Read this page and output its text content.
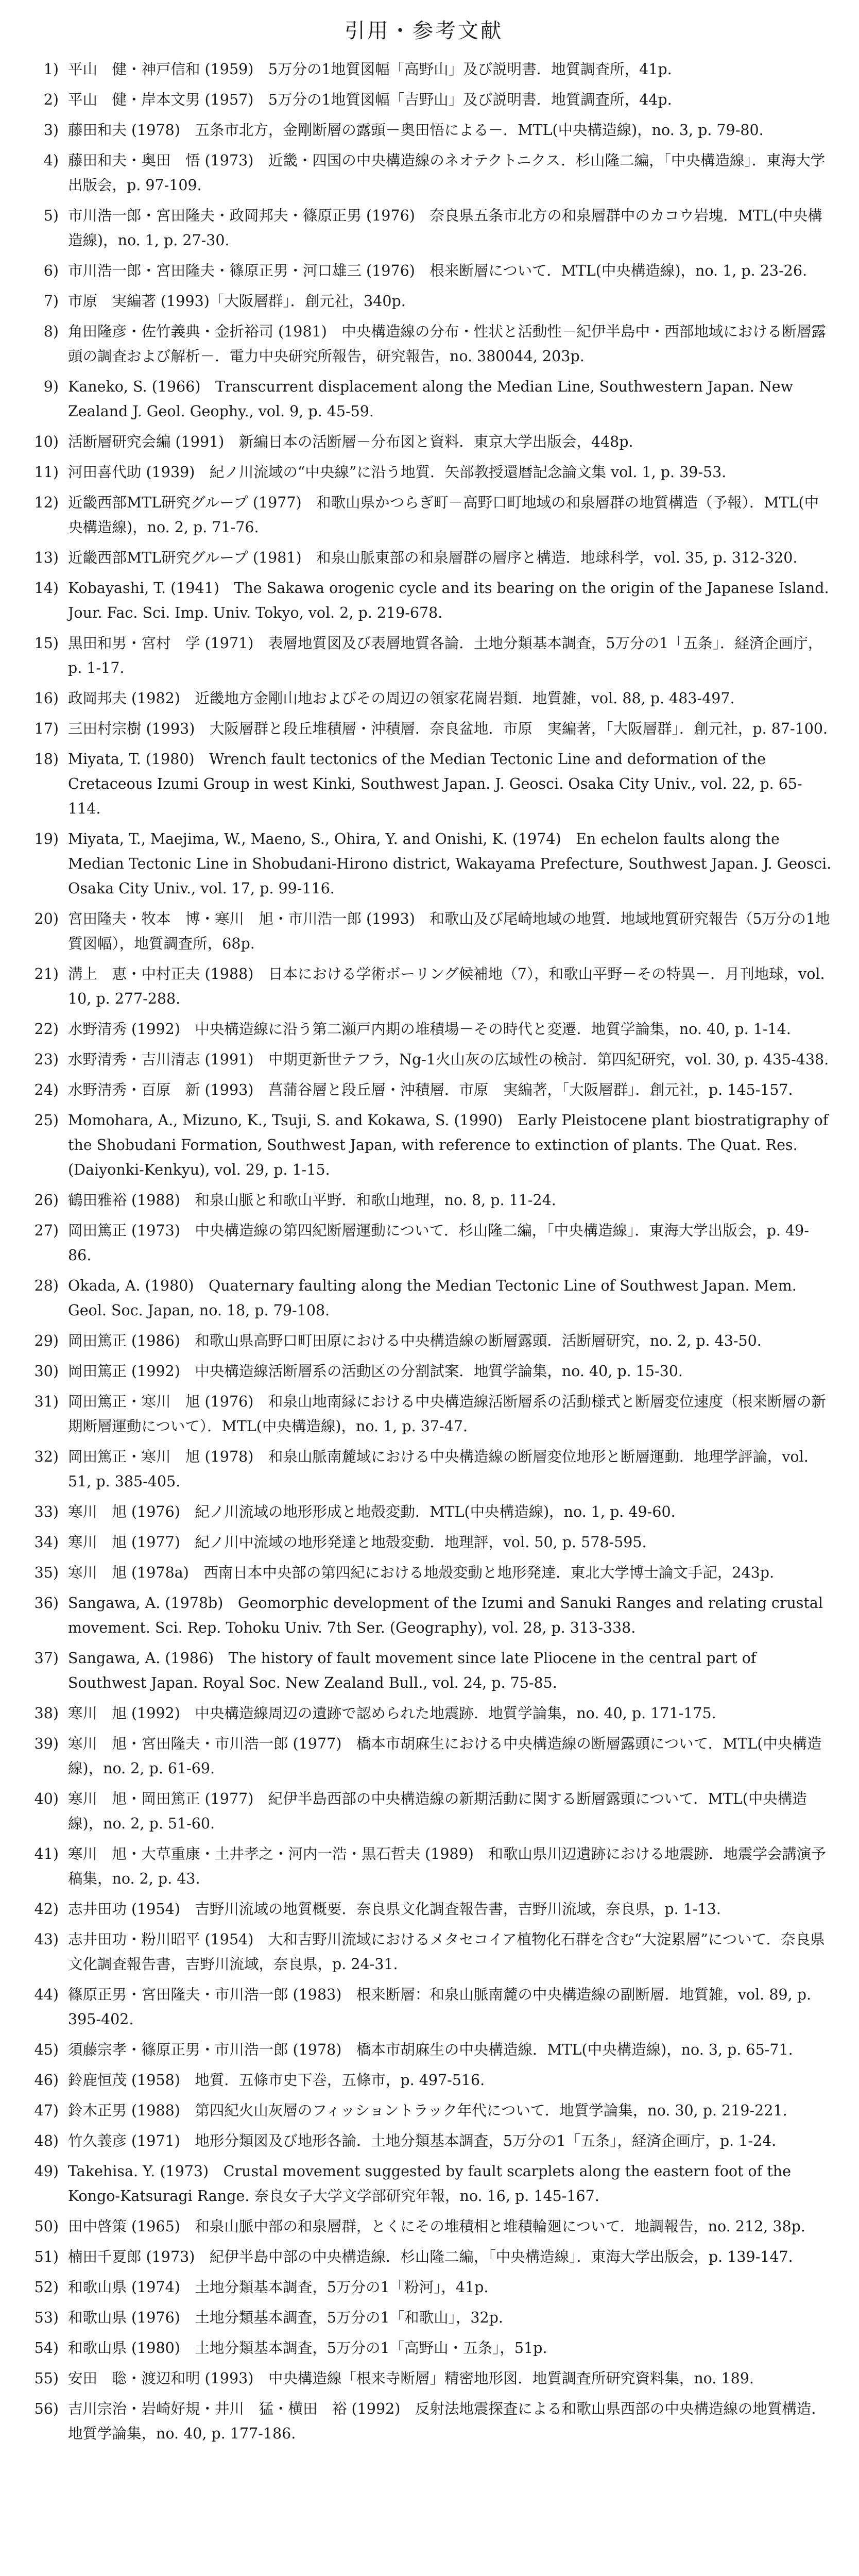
引用・参考文献
1) 平山　健・神戸信和 (1959)　5万分の1地質図幅「高野山」及び説明書．地質調査所，41p.
2) 平山　健・岸本文男 (1957)　5万分の1地質図幅「吉野山」及び説明書．地質調査所，44p.
3) 藤田和夫 (1978)　五条市北方，金剛断層の露頭－奥田悟による－．MTL(中央構造線)，no. 3, p. 79-80.
4) 藤田和夫・奥田　悟 (1973)　近畿・四国の中央構造線のネオテクトニクス．杉山隆二編，「中央構造線」．東海大学出版会，p. 97-109.
5) 市川浩一郎・宮田隆夫・政岡邦夫・篠原正男 (1976)　奈良県五条市北方の和泉層群中のカコウ岩塊．MTL(中央構造線)，no. 1, p. 27-30.
6) 市川浩一郎・宮田隆夫・篠原正男・河口雄三 (1976)　根来断層について．MTL(中央構造線)，no. 1, p. 23-26.
7) 市原　実編著 (1993)「大阪層群」．創元社，340p.
8) 角田隆彦・佐竹義典・金折裕司 (1981)　中央構造線の分布・性状と活動性－紀伊半島中・西部地域における断層露頭の調査および解析－．電力中央研究所報告，研究報告，no. 380044, 203p.
9) Kaneko, S. (1966)　Transcurrent displacement along the Median Line, Southwestern Japan. New Zealand J. Geol. Geophy., vol. 9, p. 45-59.
10) 活断層研究会編 (1991)　新編日本の活断層－分布図と資料．東京大学出版会，448p.
11) 河田喜代助 (1939)　紀ノ川流域の“中央線”に沿う地質．矢部教授還暦記念論文集 vol. 1, p. 39-53.
12) 近畿西部MTL研究グループ (1977)　和歌山県かつらぎ町－高野口町地域の和泉層群の地質構造（予報）．MTL(中央構造線)，no. 2, p. 71-76.
13) 近畿西部MTL研究グループ (1981)　和泉山脈東部の和泉層群の層序と構造．地球科学，vol. 35, p. 312-320.
14) Kobayashi, T. (1941)　The Sakawa orogenic cycle and its bearing on the origin of the Japanese Island. Jour. Fac. Sci. Imp. Univ. Tokyo, vol. 2, p. 219-678.
15) 黒田和男・宮村　学 (1971)　表層地質図及び表層地質各論．土地分類基本調査，5万分の1「五条」．経済企画庁，p. 1-17.
16) 政岡邦夫 (1982)　近畿地方金剛山地およびその周辺の領家花崗岩類．地質雑，vol. 88, p. 483-497.
17) 三田村宗樹 (1993)　大阪層群と段丘堆積層・沖積層．奈良盆地．市原　実編著，「大阪層群」．創元社，p. 87-100.
18) Miyata, T. (1980)　Wrench fault tectonics of the Median Tectonic Line and deformation of the Cretaceous Izumi Group in west Kinki, Southwest Japan. J. Geosci. Osaka City Univ., vol. 22, p. 65-114.
19) Miyata, T., Maejima, W., Maeno, S., Ohira, Y. and Onishi, K. (1974)　En echelon faults along the Median Tectonic Line in Shobudani-Hirono district, Wakayama Prefecture, Southwest Japan. J. Geosci. Osaka City Univ., vol. 17, p. 99-116.
20) 宮田隆夫・牧本　博・寒川　旭・市川浩一郎 (1993)　和歌山及び尾崎地域の地質．地域地質研究報告（5万分の1地質図幅），地質調査所，68p.
21) 溝上　恵・中村正夫 (1988)　日本における学術ボーリング候補地（7），和歌山平野－その特異－．月刊地球，vol. 10, p. 277-288.
22) 水野清秀 (1992)　中央構造線に沿う第二瀬戸内期の堆積場－その時代と変遷．地質学論集，no. 40, p. 1-14.
23) 水野清秀・吉川清志 (1991)　中期更新世テフラ，Ng-1火山灰の広域性の検討．第四紀研究，vol. 30, p. 435-438.
24) 水野清秀・百原　新 (1993)　菖蒲谷層と段丘層・沖積層．市原　実編著，「大阪層群」．創元社，p. 145-157.
25) Momohara, A., Mizuno, K., Tsuji, S. and Kokawa, S. (1990)　Early Pleistocene plant biostratigraphy of the Shobudani Formation, Southwest Japan, with reference to extinction of plants. The Quat. Res. (Daiyonki-Kenkyu), vol. 29, p. 1-15.
26) 鶴田雅裕 (1988)　和泉山脈と和歌山平野．和歌山地理，no. 8, p. 11-24.
27) 岡田篤正 (1973)　中央構造線の第四紀断層運動について．杉山隆二編，「中央構造線」．東海大学出版会，p. 49-86.
28) Okada, A. (1980)　Quaternary faulting along the Median Tectonic Line of Southwest Japan. Mem. Geol. Soc. Japan, no. 18, p. 79-108.
29) 岡田篤正 (1986)　和歌山県高野口町田原における中央構造線の断層露頭．活断層研究，no. 2, p. 43-50.
30) 岡田篤正 (1992)　中央構造線活断層系の活動区の分割試案．地質学論集，no. 40, p. 15-30.
31) 岡田篤正・寒川　旭 (1976)　和泉山地南縁における中央構造線活断層系の活動様式と断層変位速度（根来断層の新期断層運動について）．MTL(中央構造線)，no. 1, p. 37-47.
32) 岡田篤正・寒川　旭 (1978)　和泉山脈南麓域における中央構造線の断層変位地形と断層運動．地理学評論，vol. 51, p. 385-405.
33) 寒川　旭 (1976)　紀ノ川流域の地形形成と地殻変動．MTL(中央構造線)，no. 1, p. 49-60.
34) 寒川　旭 (1977)　紀ノ川中流域の地形発達と地殻変動．地理評，vol. 50, p. 578-595.
35) 寒川　旭 (1978a)　西南日本中央部の第四紀における地殻変動と地形発達．東北大学博士論文手記，243p.
36) Sangawa, A. (1978b)　Geomorphic development of the Izumi and Sanuki Ranges and relating crustal movement. Sci. Rep. Tohoku Univ. 7th Ser. (Geography), vol. 28, p. 313-338.
37) Sangawa, A. (1986)　The history of fault movement since late Pliocene in the central part of Southwest Japan. Royal Soc. New Zealand Bull., vol. 24, p. 75-85.
38) 寒川　旭 (1992)　中央構造線周辺の遺跡で認められた地震跡．地質学論集，no. 40, p. 171-175.
39) 寒川　旭・宮田隆夫・市川浩一郎 (1977)　橋本市胡麻生における中央構造線の断層露頭について．MTL(中央構造線)，no. 2, p. 61-69.
40) 寒川　旭・岡田篤正 (1977)　紀伊半島西部の中央構造線の新期活動に関する断層露頭について．MTL(中央構造線)，no. 2, p. 51-60.
41) 寒川　旭・大草重康・土井孝之・河内一浩・黒石哲夫 (1989)　和歌山県川辺遺跡における地震跡．地震学会講演予稿集，no. 2, p. 43.
42) 志井田功 (1954)　吉野川流域の地質概要．奈良県文化調査報告書，吉野川流域，奈良県，p. 1-13.
43) 志井田功・粉川昭平 (1954)　大和吉野川流域におけるメタセコイア植物化石群を含む“大淀累層”について．奈良県文化調査報告書，吉野川流域，奈良県，p. 24-31.
44) 篠原正男・宮田隆夫・市川浩一郎 (1983)　根来断層：和泉山脈南麓の中央構造線の副断層．地質雑，vol. 89, p. 395-402.
45) 須藤宗孝・篠原正男・市川浩一郎 (1978)　橋本市胡麻生の中央構造線．MTL(中央構造線)，no. 3, p. 65-71.
46) 鈴鹿恒茂 (1958)　地質．五條市史下巻，五條市，p. 497-516.
47) 鈴木正男 (1988)　第四紀火山灰層のフィッショントラック年代について．地質学論集，no. 30, p. 219-221.
48) 竹久義彦 (1971)　地形分類図及び地形各論．土地分類基本調査，5万分の1「五条」，経済企画庁，p. 1-24.
49) Takehisa. Y. (1973)　Crustal movement suggested by fault scarplets along the eastern foot of the Kongo-Katsuragi Range. 奈良女子大学文学部研究年報，no. 16, p. 145-167.
50) 田中啓策 (1965)　和泉山脈中部の和泉層群，とくにその堆積相と堆積輪廻について．地調報告，no. 212, 38p.
51) 楠田千夏郎 (1973)　紀伊半島中部の中央構造線．杉山隆二編，「中央構造線」．東海大学出版会，p. 139-147.
52) 和歌山県 (1974)　土地分類基本調査，5万分の1「粉河」，41p.
53) 和歌山県 (1976)　土地分類基本調査，5万分の1「和歌山」，32p.
54) 和歌山県 (1980)　土地分類基本調査，5万分の1「高野山・五条」，51p.
55) 安田　聡・渡辺和明 (1993)　中央構造線「根来寺断層」精密地形図．地質調査所研究資料集，no. 189.
56) 吉川宗治・岩崎好規・井川　猛・横田　裕 (1992)　反射法地震探査による和歌山県西部の中央構造線の地質構造．地質学論集，no. 40, p. 177-186.
